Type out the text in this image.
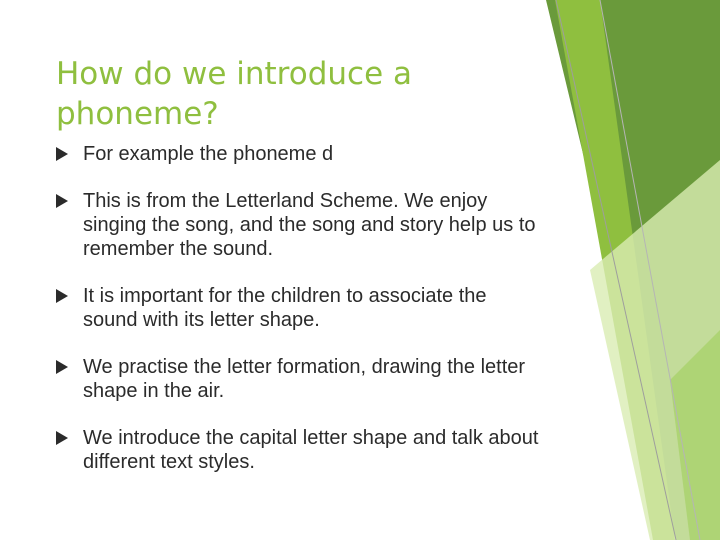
How do we introduce a phoneme?
For example the phoneme d
This is from the Letterland Scheme. We enjoy singing the song, and the song and story help us to remember the sound.
It is important for the children to associate the sound with its letter shape.
We practise the letter formation, drawing the letter shape in the air.
We introduce the capital letter shape and talk about different text styles.
